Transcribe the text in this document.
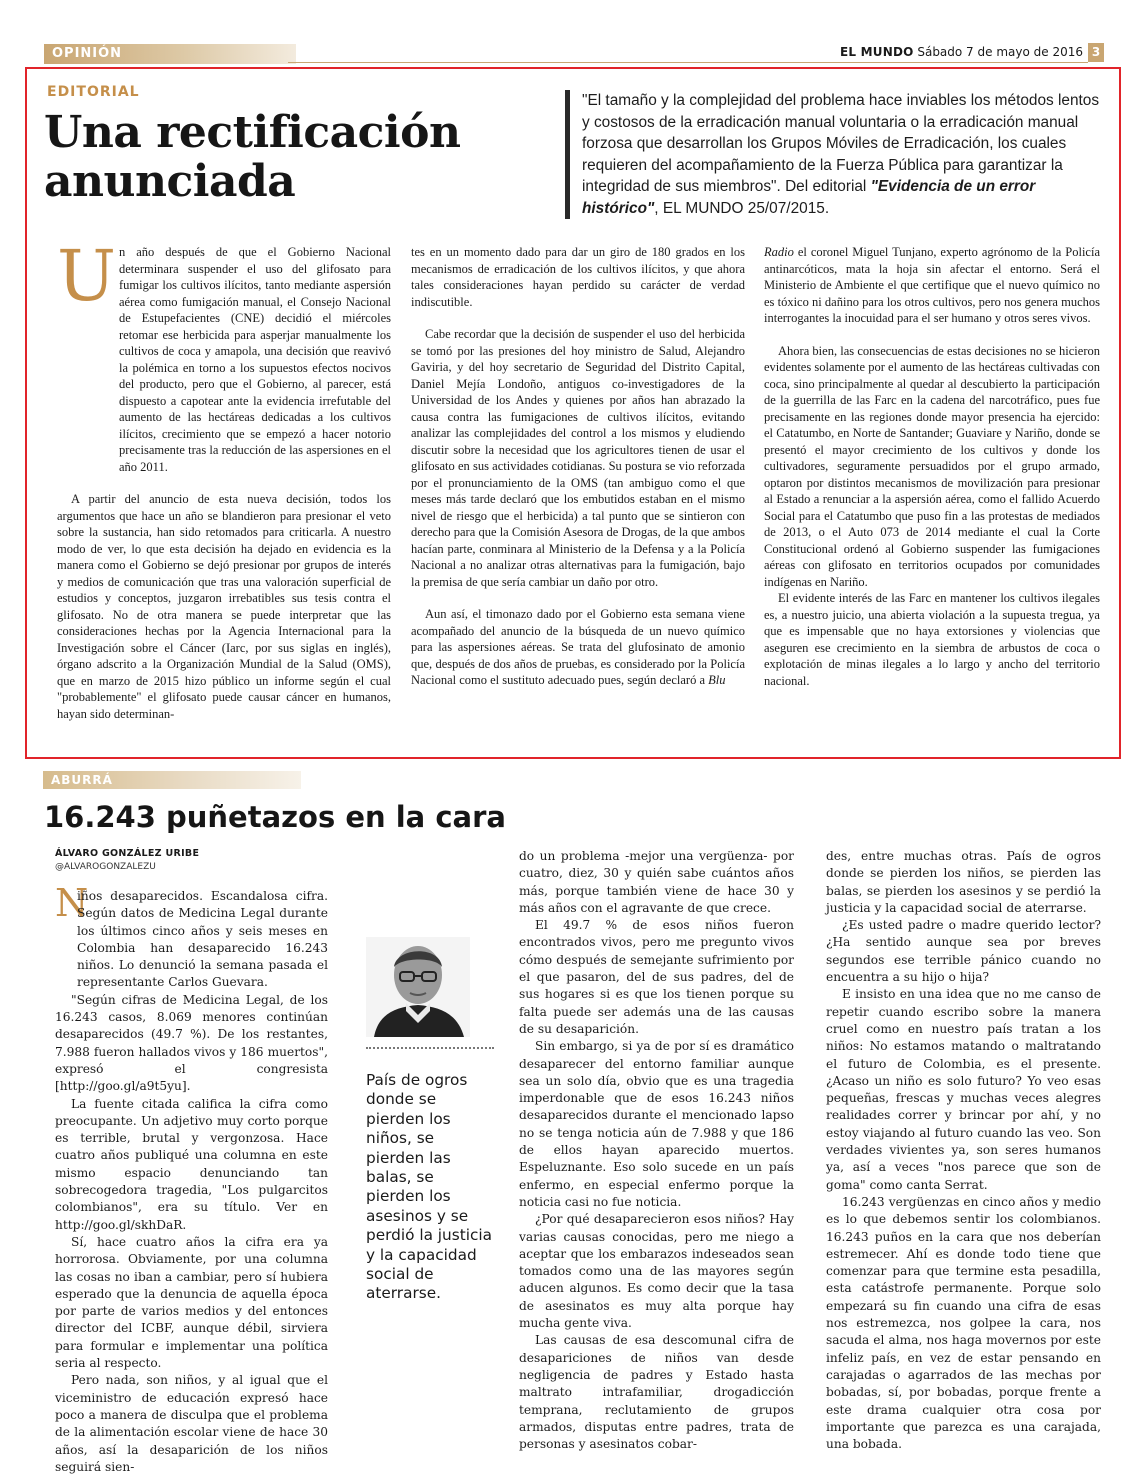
OPINIÓN	EL MUNDO Sábado 7 de mayo de 2016 3
EDITORIAL
Una rectificación
anunciada
"El tamaño y la complejidad del problema hace inviables los métodos lentos y costosos de la erradicación manual voluntaria o la erradicación manual forzosa que desarrollan los Grupos Móviles de Erradicación, los cuales requieren del acompañamiento de la Fuerza Pública para garantizar la integridad de sus miembros". Del editorial "Evidencia de un error histórico", EL MUNDO 25/07/2015.
U n año después de que el Gobierno Nacional determinara suspender el uso del glifosato para fumigar los cultivos ilícitos, tanto mediante aspersión aérea como fumigación manual, el Consejo Nacional de Estupefacientes (CNE) decidió el miércoles retomar ese herbicida para asperjar manualmente los cultivos de coca y amapola, una decisión que reavivó la polémica en torno a los supuestos efectos nocivos del producto, pero que el Gobierno, al parecer, está dispuesto a capotear ante la evidencia irrefutable del aumento de las hectáreas dedicadas a los cultivos ilícitos, crecimiento que se empezó a hacer notorio precisamente tras la reducción de las aspersiones en el año 2011.

A partir del anuncio de esta nueva decisión, todos los argumentos que hace un año se blandieron para presionar el veto sobre la sustancia, han sido retomados para criticarla. A nuestro modo de ver, lo que esta decisión ha dejado en evidencia es la manera como el Gobierno se dejó presionar por grupos de interés y medios de comunicación que tras una valoración superficial de estudios y conceptos, juzgaron irrebatibles sus tesis contra el glifosato. No de otra manera se puede interpretar que las consideraciones hechas por la Agencia Internacional para la Investigación sobre el Cáncer (Iarc, por sus siglas en inglés), órgano adscrito a la Organización Mundial de la Salud (OMS), que en marzo de 2015 hizo público un informe según el cual "probablemente" el glifosato puede causar cáncer en humanos, hayan sido determinan-

tes en un momento dado para dar un giro de 180 grados en los mecanismos de erradicación de los cultivos ilícitos, y que ahora tales consideraciones hayan perdido su carácter de verdad indiscutible.

Cabe recordar que la decisión de suspender el uso del herbicida se tomó por las presiones del hoy ministro de Salud, Alejandro Gaviria, y del hoy secretario de Seguridad del Distrito Capital, Daniel Mejía Londoño, antiguos co-investigadores de la Universidad de los Andes y quienes por años han abrazado la causa contra las fumigaciones de cultivos ilícitos, evitando analizar las complejidades del control a los mismos y eludiendo discutir sobre la necesidad que los agricultores tienen de usar el glifosato en sus actividades cotidianas. Su postura se vio reforzada por el pronunciamiento de la OMS (tan ambiguo como el que meses más tarde declaró que los embutidos estaban en el mismo nivel de riesgo que el herbicida) a tal punto que se sintieron con derecho para que la Comisión Asesora de Drogas, de la que ambos hacían parte, conminara al Ministerio de la Defensa y a la Policía Nacional a no analizar otras alternativas para la fumigación, bajo la premisa de que sería cambiar un daño por otro.

Aun así, el timonazo dado por el Gobierno esta semana viene acompañado del anuncio de la búsqueda de un nuevo químico para las aspersiones aéreas. Se trata del glufosinato de amonio que, después de dos años de pruebas, es considerado por la Policía Nacional como el sustituto adecuado pues, según declaró a Blu

Radio el coronel Miguel Tunjano, experto agrónomo de la Policía antinarcóticos, mata la hoja sin afectar el entorno. Será el Ministerio de Ambiente el que certifique que el nuevo químico no es tóxico ni dañino para los otros cultivos, pero nos genera muchos interrogantes la inocuidad para el ser humano y otros seres vivos.

Ahora bien, las consecuencias de estas decisiones no se hicieron evidentes solamente por el aumento de las hectáreas cultivadas con coca, sino principalmente al quedar al descubierto la participación de la guerrilla de las Farc en la cadena del narcotráfico, pues fue precisamente en las regiones donde mayor presencia ha ejercido: el Catatumbo, en Norte de Santander; Guaviare y Nariño, donde se presentó el mayor crecimiento de los cultivos y donde los cultivadores, seguramente persuadidos por el grupo armado, optaron por distintos mecanismos de movilización para presionar al Estado a renunciar a la aspersión aérea, como el fallido Acuerdo Social para el Catatumbo que puso fin a las protestas de mediados de 2013, o el Auto 073 de 2014 mediante el cual la Corte Constitucional ordenó al Gobierno suspender las fumigaciones aéreas con glifosato en territorios ocupados por comunidades indígenas en Nariño.

El evidente interés de las Farc en mantener los cultivos ilegales es, a nuestro juicio, una abierta violación a la supuesta tregua, ya que es impensable que no haya extorsiones y violencias que aseguren ese crecimiento en la siembra de arbustos de coca o explotación de minas ilegales a lo largo y ancho del territorio nacional.

ABURRÁ
16.243 puñetazos en la cara
ÁLVARO GONZÁLEZ URIBE
@ALVAROGONZALEZU
N

iños desaparecidos. Escandalosa cifra. Según datos de Medicina Legal durante los últimos cinco años y seis meses en Colombia han desaparecido 16.243 niños. Lo denunció la semana pasada el representante Carlos Guevara.

"Según cifras de Medicina Legal, de los 16.243 casos, 8.069 menores continúan desaparecidos (49.7 %). De los restantes, 7.988 fueron hallados vivos y 186 muertos", expresó el congresista [http://goo.gl/a9t5yu].

La fuente citada califica la cifra como preocupante. Un adjetivo muy corto porque es terrible, brutal y vergonzosa. Hace cuatro años publiqué una columna en este mismo espacio denunciando tan sobrecogedora tragedia, "Los pulgarcitos colombianos", era su título. Ver en http://goo.gl/skhDaR.

Sí, hace cuatro años la cifra era ya horrorosa. Obviamente, por una columna las cosas no iban a cambiar, pero sí hubiera esperado que la denuncia de aquella época por parte de varios medios y del entonces director del ICBF, aunque débil, sirviera para formular e implementar una política seria al respecto.

Pero nada, son niños, y al igual que el viceministro de educación expresó hace poco a manera de disculpa que el problema de la alimentación escolar viene de hace 30 años, así la desaparición de los niños seguirá sien-

País de ogros donde se pierden los niños, se pierden las balas, se pierden los asesinos y se perdió la justicia y la capacidad social de aterrarse.

do un problema -mejor una vergüenza- por cuatro, diez, 30 y quién sabe cuántos años más, porque también viene de hace 30 y más años con el agravante de que crece.

El 49.7 % de esos niños fueron encontrados vivos, pero me pregunto vivos cómo después de semejante sufrimiento por el que pasaron, del de sus padres, del de sus hogares si es que los tienen porque su falta puede ser además una de las causas de su desaparición.

Sin embargo, si ya de por sí es dramático desaparecer del entorno familiar aunque sea un solo día, obvio que es una tragedia imperdonable que de esos 16.243 niños desaparecidos durante el mencionado lapso no se tenga noticia aún de 7.988 y que 186 de ellos hayan aparecido muertos. Espeluznante. Eso solo sucede en un país enfermo, en especial enfermo porque la noticia casi no fue noticia.

¿Por qué desaparecieron esos niños? Hay varias causas conocidas, pero me niego a aceptar que los embarazos indeseados sean tomados como una de las mayores según aducen algunos. Es como decir que la tasa de asesinatos es muy alta porque hay mucha gente viva.

Las causas de esa descomunal cifra de desapariciones de niños van desde negligencia de padres y Estado hasta maltrato intrafamiliar, drogadicción temprana, reclutamiento de grupos armados, disputas entre padres, trata de personas y asesinatos cobar-

des, entre muchas otras. País de ogros donde se pierden los niños, se pierden las balas, se pierden los asesinos y se perdió la justicia y la capacidad social de aterrarse.

¿Es usted padre o madre querido lector? ¿Ha sentido aunque sea por breves segundos ese terrible pánico cuando no encuentra a su hijo o hija?

E insisto en una idea que no me canso de repetir cuando escribo sobre la manera cruel como en nuestro país tratan a los niños: No estamos matando o maltratando el futuro de Colombia, es el presente. ¿Acaso un niño es solo futuro? Yo veo esas pequeñas, frescas y muchas veces alegres realidades correr y brincar por ahí, y no estoy viajando al futuro cuando las veo. Son verdades vivientes ya, son seres humanos ya, así a veces "nos parece que son de goma" como canta Serrat.

16.243 vergüenzas en cinco años y medio es lo que debemos sentir los colombianos. 16.243 puños en la cara que nos deberían estremecer. Ahí es donde todo tiene que comenzar para que termine esta pesadilla, esta catástrofe permanente. Porque solo empezará su fin cuando una cifra de esas nos estremezca, nos golpee la cara, nos sacuda el alma, nos haga movernos por este infeliz país, en vez de estar pensando en carajadas o agarrados de las mechas por bobadas, sí, por bobadas, porque frente a este drama cualquier otra cosa por importante que parezca es una carajada, una bobada.
